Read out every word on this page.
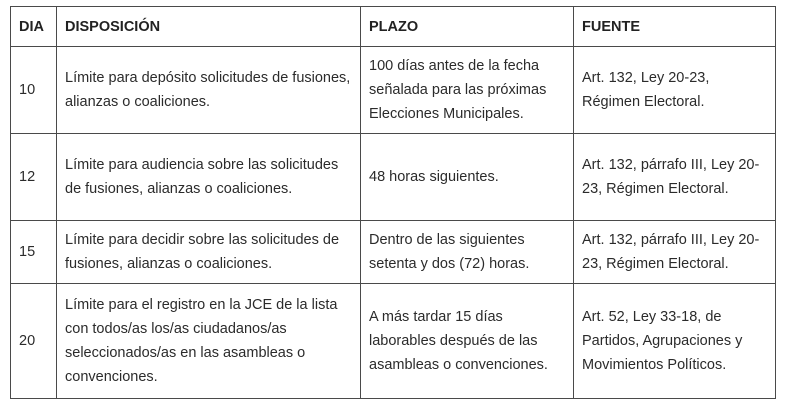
DIA	DISPOSICIÓN	PLAZO	FUENTE
10	Límite para depósito solicitudes de fusiones, alianzas o coaliciones.	100 días antes de la fecha señalada para las próximas Elecciones Municipales.	Art. 132, Ley 20-23, Régimen Electoral.
12	Límite para audiencia sobre las solicitudes de fusiones, alianzas o coaliciones.	48 horas siguientes.	Art. 132, párrafo III, Ley 20-23, Régimen Electoral.
15	Límite para decidir sobre las solicitudes de fusiones, alianzas o coaliciones.	Dentro de las siguientes setenta y dos (72) horas.	Art. 132, párrafo III, Ley 20-23, Régimen Electoral.
20	Límite para el registro en la JCE de la lista con todos/as los/as ciudadanos/as seleccionados/as en las asambleas o convenciones.	A más tardar 15 días laborables después de las asambleas o convenciones.	Art. 52, Ley 33-18, de Partidos, Agrupaciones y Movimientos Políticos.
